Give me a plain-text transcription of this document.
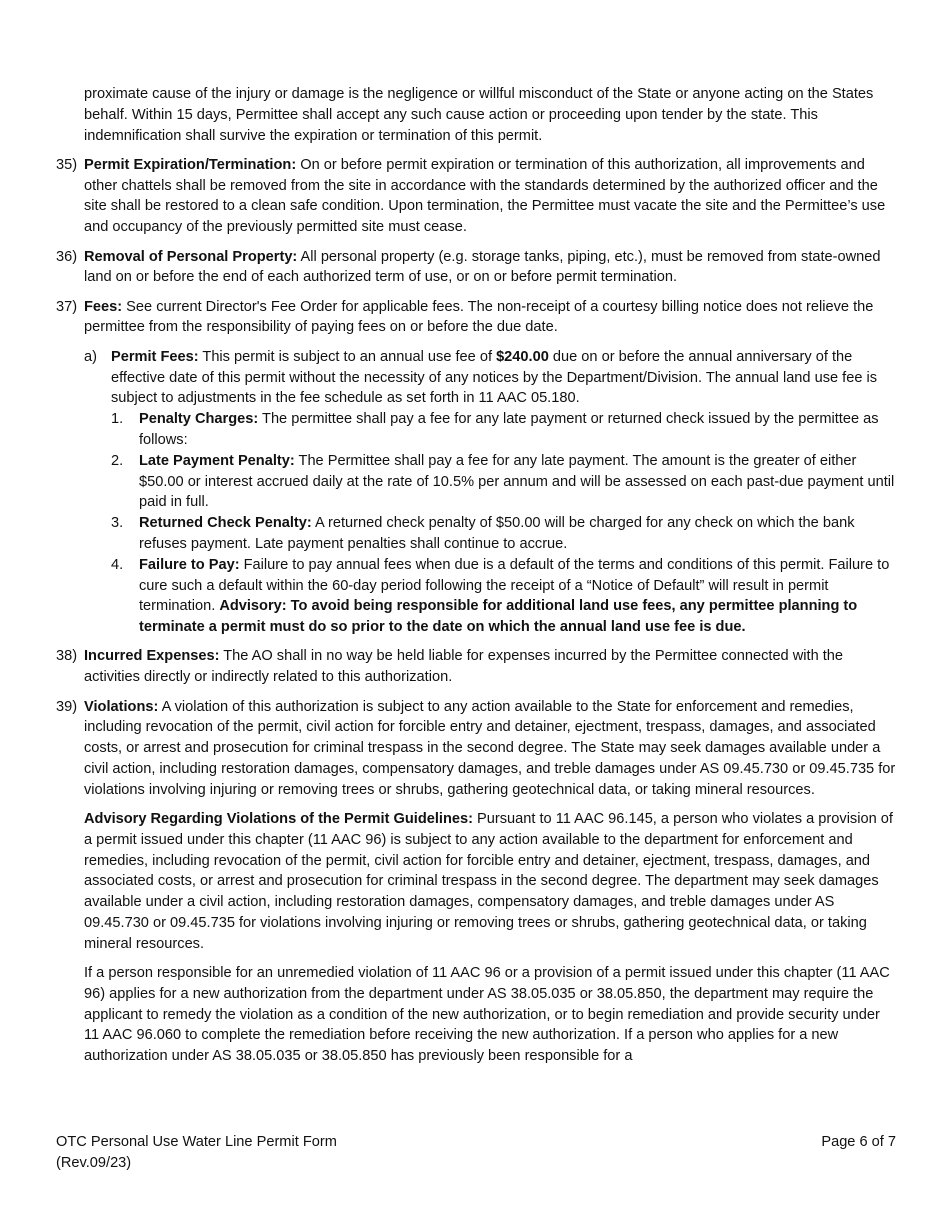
proximate cause of the injury or damage is the negligence or willful misconduct of the State or anyone acting on the States behalf. Within 15 days, Permittee shall accept any such cause action or proceeding upon tender by the state. This indemnification shall survive the expiration or termination of this permit.

35) Permit Expiration/Termination: On or before permit expiration or termination of this authorization, all improvements and other chattels shall be removed from the site in accordance with the standards determined by the authorized officer and the site shall be restored to a clean safe condition. Upon termination, the Permittee must vacate the site and the Permittee’s use and occupancy of the previously permitted site must cease.
36) Removal of Personal Property: All personal property (e.g. storage tanks, piping, etc.), must be removed from state-owned land on or before the end of each authorized term of use, or on or before permit termination.
37) Fees: See current Director's Fee Order for applicable fees. The non-receipt of a courtesy billing notice does not relieve the permittee from the responsibility of paying fees on or before the due date.
a) Permit Fees: This permit is subject to an annual use fee of $240.00 due on or before the annual anniversary of the effective date of this permit without the necessity of any notices by the Department/Division. The annual land use fee is subject to adjustments in the fee schedule as set forth in 11 AAC 05.180.
1. Penalty Charges: The permittee shall pay a fee for any late payment or returned check issued by the permittee as follows:
2. Late Payment Penalty: The Permittee shall pay a fee for any late payment. The amount is the greater of either $50.00 or interest accrued daily at the rate of 10.5% per annum and will be assessed on each past-due payment until paid in full.
3. Returned Check Penalty: A returned check penalty of $50.00 will be charged for any check on which the bank refuses payment. Late payment penalties shall continue to accrue.
4. Failure to Pay: Failure to pay annual fees when due is a default of the terms and conditions of this permit. Failure to cure such a default within the 60-day period following the receipt of a “Notice of Default” will result in permit termination. Advisory: To avoid being responsible for additional land use fees, any permittee planning to terminate a permit must do so prior to the date on which the annual land use fee is due.
38) Incurred Expenses: The AO shall in no way be held liable for expenses incurred by the Permittee connected with the activities directly or indirectly related to this authorization.
39) Violations: A violation of this authorization is subject to any action available to the State for enforcement and remedies, including revocation of the permit, civil action for forcible entry and detainer, ejectment, trespass, damages, and associated costs, or arrest and prosecution for criminal trespass in the second degree. The State may seek damages available under a civil action, including restoration damages, compensatory damages, and treble damages under AS 09.45.730 or 09.45.735 for violations involving injuring or removing trees or shrubs, gathering geotechnical data, or taking mineral resources.

Advisory Regarding Violations of the Permit Guidelines: Pursuant to 11 AAC 96.145, a person who violates a provision of a permit issued under this chapter (11 AAC 96) is subject to any action available to the department for enforcement and remedies, including revocation of the permit, civil action for forcible entry and detainer, ejectment, trespass, damages, and associated costs, or arrest and prosecution for criminal trespass in the second degree. The department may seek damages available under a civil action, including restoration damages, compensatory damages, and treble damages under AS 09.45.730 or 09.45.735 for violations involving injuring or removing trees or shrubs, gathering geotechnical data, or taking mineral resources.

If a person responsible for an unremedied violation of 11 AAC 96 or a provision of a permit issued under this chapter (11 AAC 96) applies for a new authorization from the department under AS 38.05.035 or 38.05.850, the department may require the applicant to remedy the violation as a condition of the new authorization, or to begin remediation and provide security under 11 AAC 96.060 to complete the remediation before receiving the new authorization. If a person who applies for a new authorization under AS 38.05.035 or 38.05.850 has previously been responsible for a

OTC Personal Use Water Line Permit Form
(Rev.09/23)
Page 6 of 7
